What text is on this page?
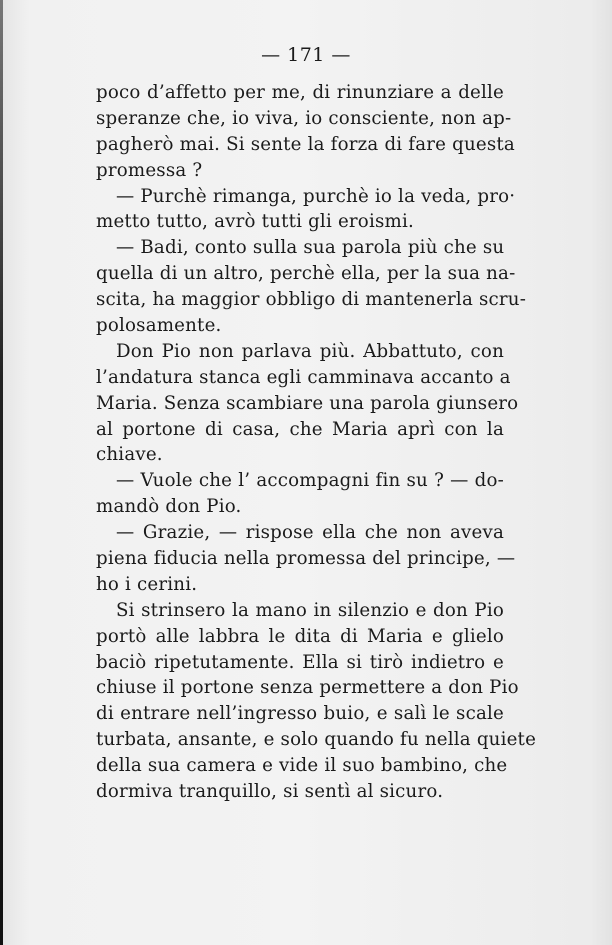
— 171 —
poco d’affetto per me, di rinunziare a delle
speranze che, io viva, io consciente, non ap-
pagherò mai. Si sente la forza di fare questa
promessa ?
— Purchè rimanga, purchè io la veda, pro·
metto tutto, avrò tutti gli eroismi.
— Badi, conto sulla sua parola più che su
quella di un altro, perchè ella, per la sua na-
scita, ha maggior obbligo di mantenerla scru-
polosamente.
Don Pio non parlava più. Abbattuto, con
l’andatura stanca egli camminava accanto a
Maria. Senza scambiare una parola giunsero
al portone di casa, che Maria aprì con la
chiave.
— Vuole che l’ accompagni fin su ? — do-
mandò don Pio.
— Grazie, — rispose ella che non aveva
piena fiducia nella promessa del principe, —
ho i cerini.
Si strinsero la mano in silenzio e don Pio
portò alle labbra le dita di Maria e glielo
baciò ripetutamente. Ella si tirò indietro e
chiuse il portone senza permettere a don Pio
di entrare nell’ingresso buio, e salì le scale
turbata, ansante, e solo quando fu nella quiete
della sua camera e vide il suo bambino, che
dormiva tranquillo, si sentì al sicuro.
